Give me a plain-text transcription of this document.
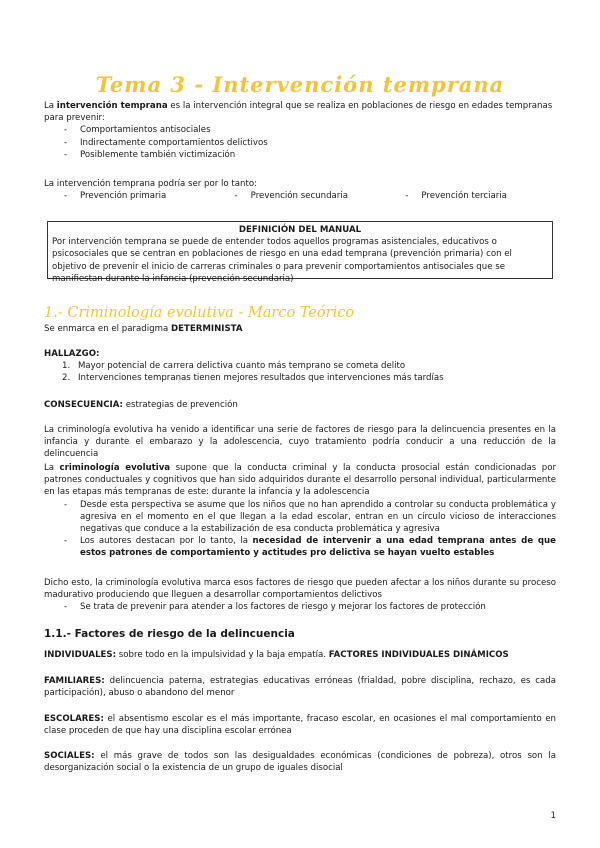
Tema 3 - Intervención temprana

La intervención temprana es la intervención integral que se realiza en poblaciones de riesgo en edades tempranas para prevenir:

- Comportamientos antisociales
- Indirectamente comportamientos delictivos
- Posiblemente también victimización

La intervención temprana podría ser por lo tanto:

- Prevención primaria	- Prevención secundaria	- Prevención terciaria
DEFINICIÓN DEL MANUAL

Por intervención temprana se puede de entender todos aquellos programas asistenciales, educativos o psicosociales que se centran en poblaciones de riesgo en una edad temprana (prevención primaria) con el objetivo de prevenir el inicio de carreras criminales o para prevenir comportamientos antisociales que se manifiestan durante la infancia (prevención secundaria)

1.- Criminología evolutiva - Marco Teórico

Se enmarca en el paradigma DETERMINISTA

HALLAZGO:

1. Mayor potencial de carrera delictiva cuanto más temprano se cometa delito
2. Intervenciones tempranas tienen mejores resultados que intervenciones más tardías

CONSECUENCIA: estrategias de prevención

La criminología evolutiva ha venido a identificar una serie de factores de riesgo para la delincuencia presentes en la infancia y durante el embarazo y la adolescencia, cuyo tratamiento podría conducir a una reducción de la delincuencia

La criminología evolutiva supone que la conducta criminal y la conducta prosocial están condicionadas por patrones conductuales y cognitivos que han sido adquiridos durante el desarrollo personal individual, particularmente en las etapas más tempranas de este: durante la infancia y la adolescencia

- Desde esta perspectiva se asume que los niños que no han aprendido a controlar su conducta problemática y agresiva en el momento en el que llegan a la edad escolar, entran en un círculo vicioso de interacciones negativas que conduce a la estabilización de esa conducta problemática y agresiva
- Los autores destacan por lo tanto, la necesidad de intervenir a una edad temprana antes de que estos patrones de comportamiento y actitudes pro delictiva se hayan vuelto estables

Dicho esto, la criminología evolutiva marca esos factores de riesgo que pueden afectar a los niños durante su proceso madurativo produciendo que lleguen a desarrollar comportamientos delictivos

- Se trata de prevenir para atender a los factores de riesgo y mejorar los factores de protección
1.1.- Factores de riesgo de la delincuencia

INDIVIDUALES: sobre todo en la impulsividad y la baja empatía. FACTORES INDIVIDUALES DINÁMICOS

FAMILIARES: delincuencia paterna, estrategias educativas erróneas (frialdad, pobre disciplina, rechazo, es cada participación), abuso o abandono del menor

ESCOLARES: el absentismo escolar es el más importante, fracaso escolar, en ocasiones el mal comportamiento en clase proceden de que hay una disciplina escolar errónea

SOCIALES: el más grave de todos son las desigualdades económicas (condiciones de pobreza), otros son la desorganización social o la existencia de un grupo de iguales disocial

1
